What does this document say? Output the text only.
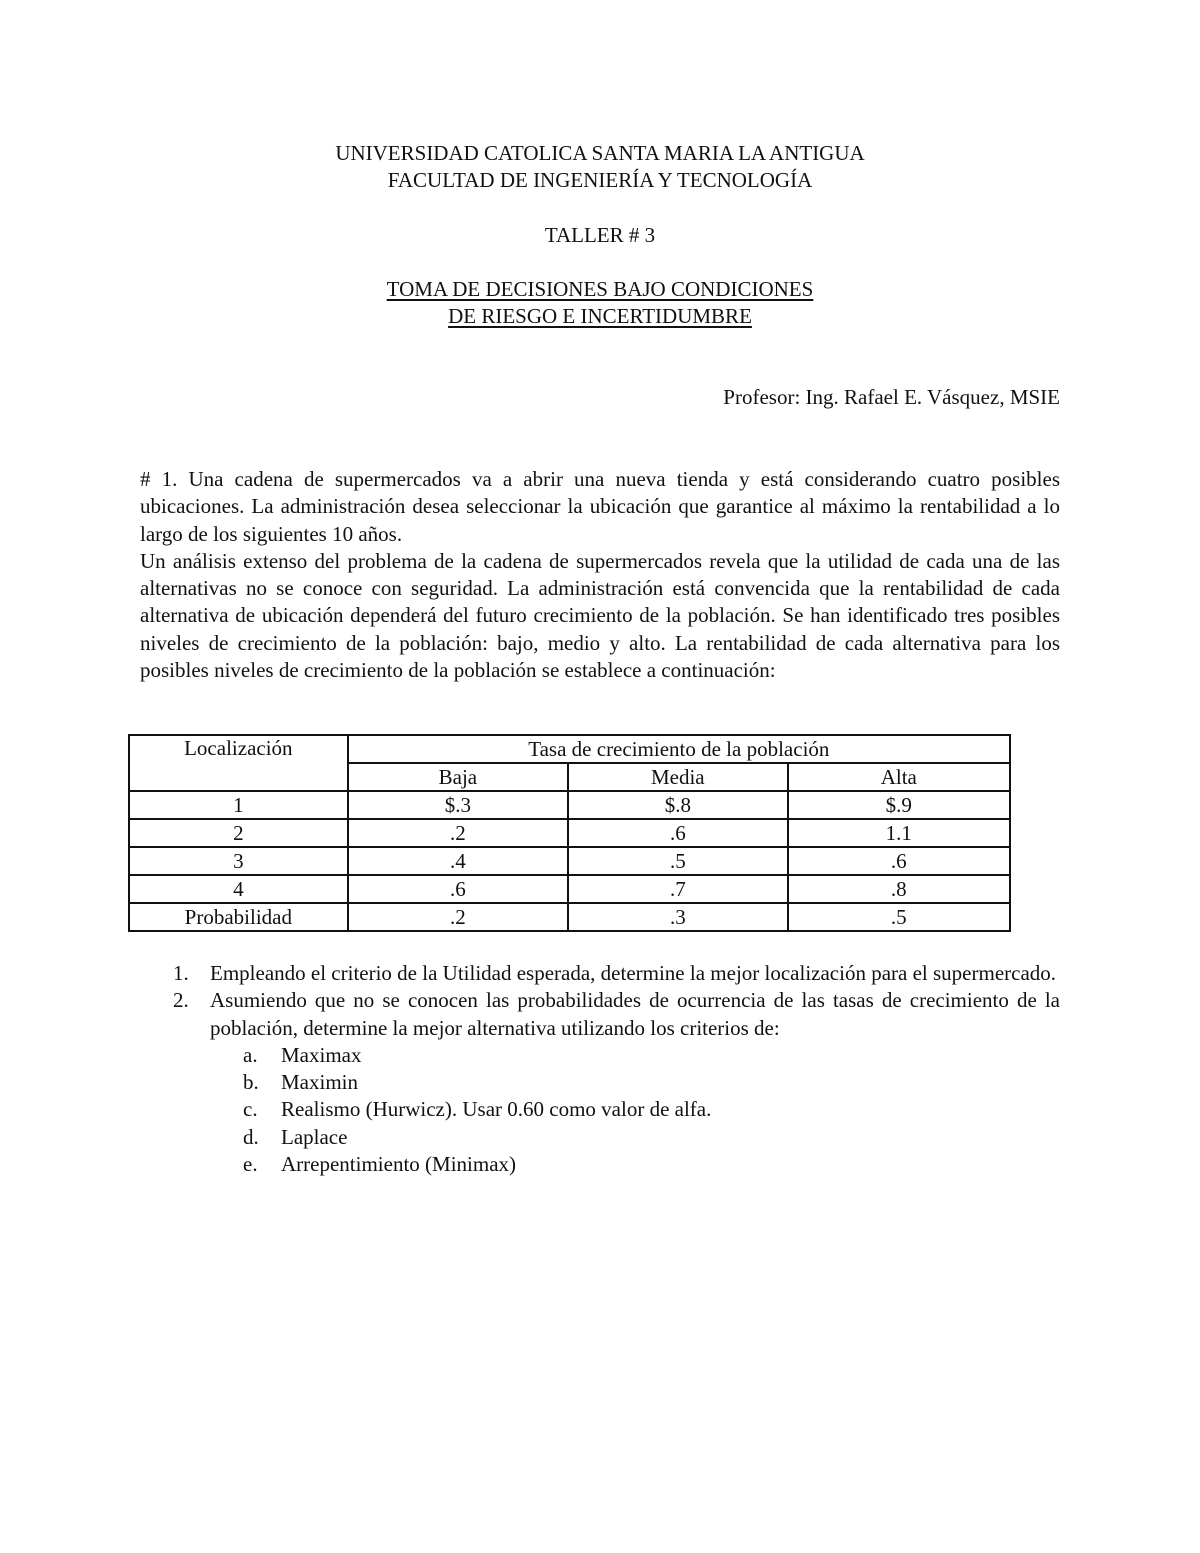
UNIVERSIDAD CATOLICA SANTA MARIA LA ANTIGUA
FACULTAD DE INGENIERÍA Y TECNOLOGÍA
TALLER # 3
TOMA DE DECISIONES BAJO CONDICIONES
DE RIESGO E INCERTIDUMBRE
Profesor: Ing. Rafael E. Vásquez, MSIE

# 1. Una cadena de supermercados va a abrir una nueva tienda y está considerando cuatro posibles ubicaciones. La administración desea seleccionar la ubicación que garantice al máximo la rentabilidad a lo largo de los siguientes 10 años.

Un análisis extenso del problema de la cadena de supermercados revela que la utilidad de cada una de las alternativas no se conoce con seguridad. La administración está convencida que la rentabilidad de cada alternativa de ubicación dependerá del futuro crecimiento de la población. Se han identificado tres posibles niveles de crecimiento de la población: bajo, medio y alto. La rentabilidad de cada alternativa para los posibles niveles de crecimiento de la población se establece a continuación:

Localización	Tasa de crecimiento de la población		
	Baja	Media	Alta
1	$.3	$.8	$.9
2	.2	.6	1.1
3	.4	.5	.6
4	.6	.7	.8
Probabilidad	.2	.3	.5
1. Empleando el criterio de la Utilidad esperada, determine la mejor localización para el supermercado.
2. Asumiendo que no se conocen las probabilidades de ocurrencia de las tasas de crecimiento de la población, determine la mejor alternativa utilizando los criterios de:
a. Maximax
b. Maximin
c. Realismo (Hurwicz). Usar 0.60 como valor de alfa.
d. Laplace
e. Arrepentimiento (Minimax)
